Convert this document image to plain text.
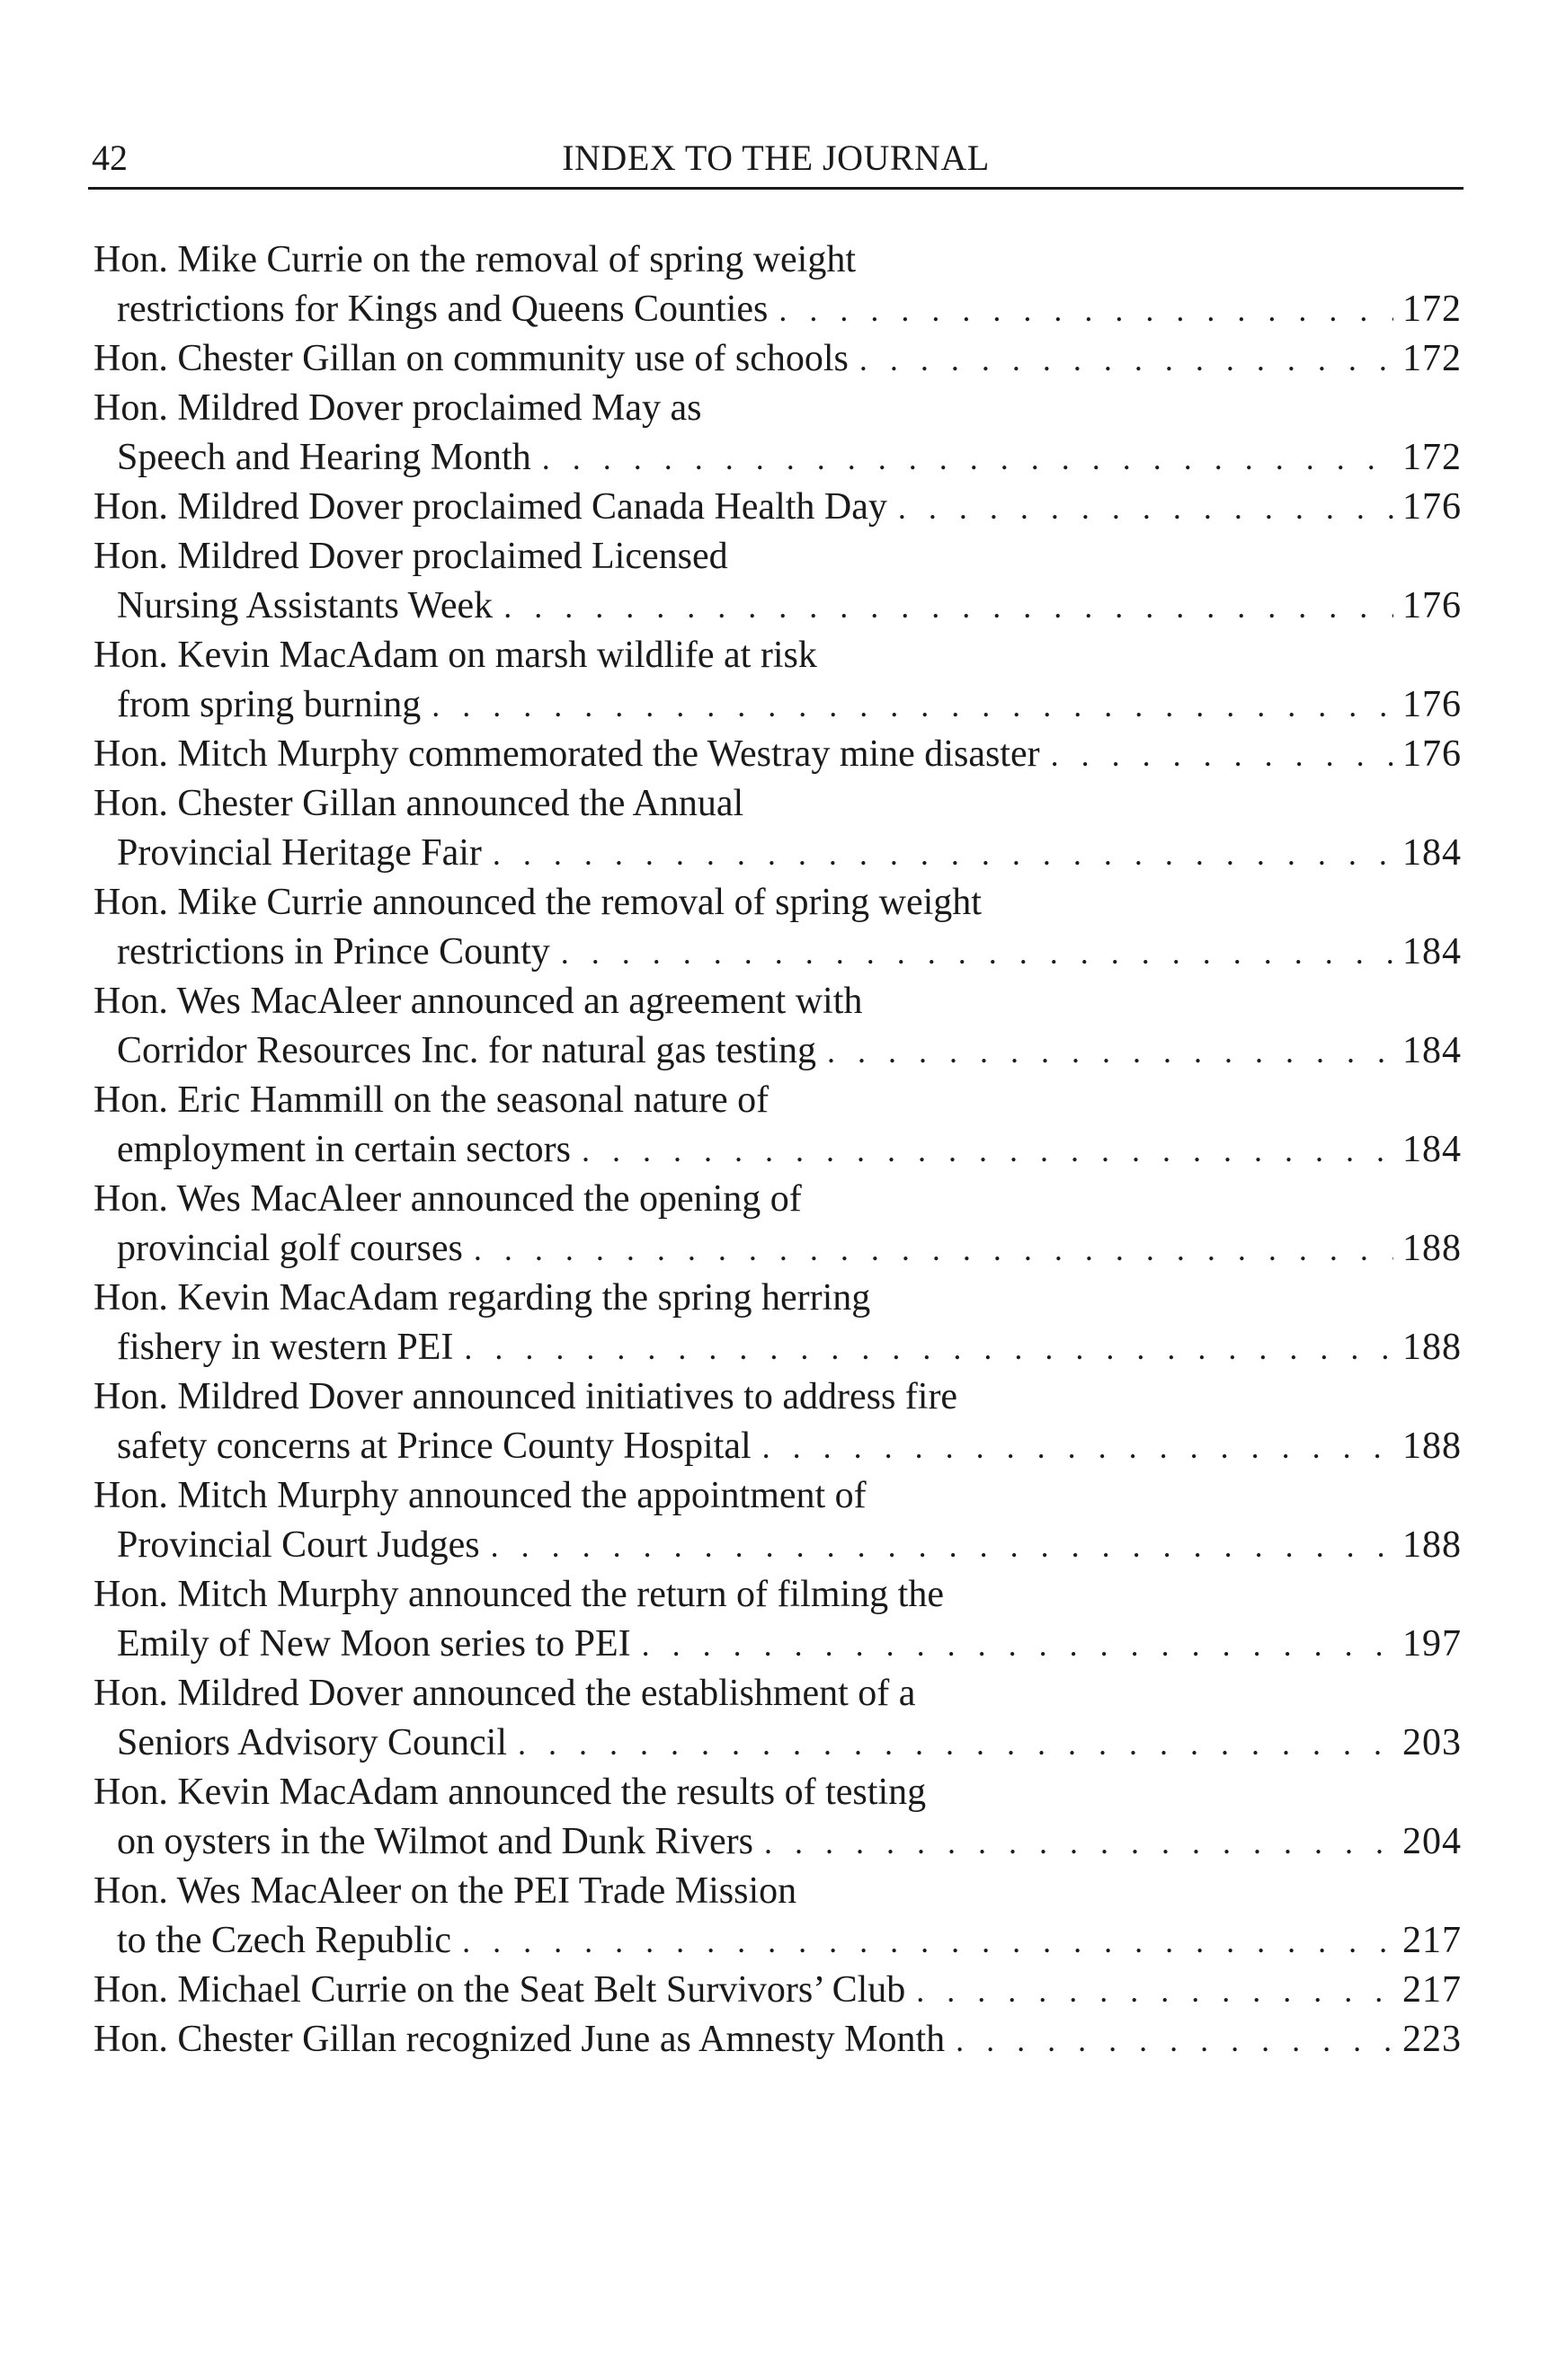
42	INDEX TO THE JOURNAL
Hon. Mike Currie on the removal of spring weight
restrictions for Kings and Queens Counties . . .	172
Hon. Chester Gillan on community use of schools . . .	172
Hon. Mildred Dover proclaimed May as
Speech and Hearing Month . . .	172
Hon. Mildred Dover proclaimed Canada Health Day . . .	176
Hon. Mildred Dover proclaimed Licensed
Nursing Assistants Week . . .	176
Hon. Kevin MacAdam on marsh wildlife at risk
from spring burning . . .	176
Hon. Mitch Murphy commemorated the Westray mine disaster . . .	176
Hon. Chester Gillan announced the Annual
Provincial Heritage Fair . . .	184
Hon. Mike Currie announced the removal of spring weight
restrictions in Prince County . . .	184
Hon. Wes MacAleer announced an agreement with
Corridor Resources Inc. for natural gas testing . . .	184
Hon. Eric Hammill on the seasonal nature of
employment in certain sectors . . .	184
Hon. Wes MacAleer announced the opening of
provincial golf courses . . .	188
Hon. Kevin MacAdam regarding the spring herring
fishery in western PEI . . .	188
Hon. Mildred Dover announced initiatives to address fire
safety concerns at Prince County Hospital . . .	188
Hon. Mitch Murphy announced the appointment of
Provincial Court Judges . . .	188
Hon. Mitch Murphy announced the return of filming the
Emily of New Moon series to PEI . . .	197
Hon. Mildred Dover announced the establishment of a
Seniors Advisory Council . . .	203
Hon. Kevin MacAdam announced the results of testing
on oysters in the Wilmot and Dunk Rivers . . .	204
Hon. Wes MacAleer on the PEI Trade Mission
to the Czech Republic . . .	217
Hon. Michael Currie on the Seat Belt Survivors’ Club . . .	217
Hon. Chester Gillan recognized June as Amnesty Month . . .	223
